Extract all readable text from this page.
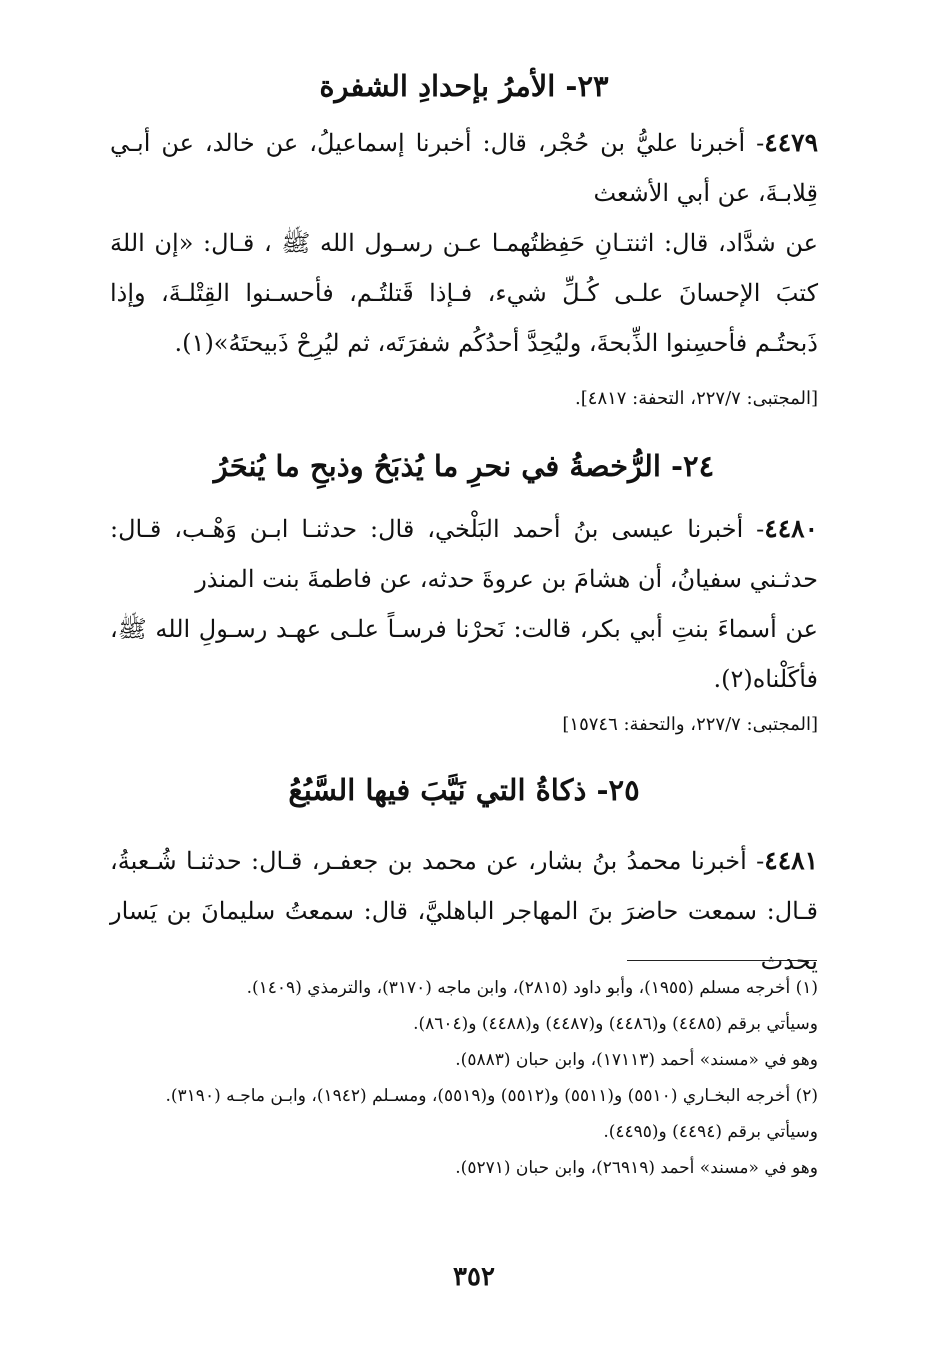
٢٣- الأمرُ بإحدادِ الشفرة

٤٤٧٩- أخبرنا عليُّ بن حُجْر، قال: أخبرنا إسماعيلُ، عن خالد، عن أبـي قِلابـةَ، عن أبي الأشعث

عن شدَّاد، قال: اثنتـانِ حَفِظتُهمـا عـن رسـول الله ﷺ ، قـال: «إن اللهَ كتبَ الإحسانَ علـى كُـلِّ شيء، فـإذا قَتلتُـم، فأحسـنوا القِتْلـةَ، وإذا ذَبحتُـم فأحسِنوا الذِّبحةَ، وليُحِدَّ أحدُكُم شفرَتَه، ثم ليُرِحْ ذَبيحتَهُ»(١).

[المجتبى: ٢٢٧/٧، التحفة: ٤٨١٧].

٢٤- الرُّخصةُ في نحرِ ما يُذبَحُ وذبحِ ما يُنحَرُ

٤٤٨٠- أخبرنا عيسى بنُ أحمد البَلْخي، قال: حدثنـا ابـن وَهْـب، قـال: حدثـني سفيانُ، أن هشامَ بن عروةَ حدثه، عن فاطمةَ بنت المنذر

عن أسماءَ بنتِ أبي بكر، قالت: نَحرْنا فرسـاً علـى عهـد رسـولِ الله ﷺ، فأكَلْناه(٢).

[المجتبى: ٢٢٧/٧، والتحفة: ١٥٧٤٦]

٢٥- ذكاةُ التي نَيَّبَ فيها السَّبُعُ

٤٤٨١- أخبرنا محمدُ بنُ بشار، عن محمد بن جعفـر، قـال: حدثنـا شُـعبةُ، قـال: سمعت حاضرَ بنَ المهاجر الباهليَّ، قال: سمعتُ سليمانَ بن يَسار يحدث

(١) أخرجه مسلم (١٩٥٥)، وأبو داود (٢٨١٥)، وابن ماجه (٣١٧٠)، والترمذي (١٤٠٩).

وسيأتي برقم (٤٤٨٥) و(٤٤٨٦) و(٤٤٨٧) و(٤٤٨٨) و(٨٦٠٤).

وهو في «مسند» أحمد (١٧١١٣)، وابن حبان (٥٨٨٣).

(٢) أخرجه البخـاري (٥٥١٠) و(٥٥١١) و(٥٥١٢) و(٥٥١٩)، ومسـلم (١٩٤٢)، وابـن ماجـه (٣١٩٠).

وسيأتي برقم (٤٤٩٤) و(٤٤٩٥).

وهو في «مسند» أحمد (٢٦٩١٩)، وابن حبان (٥٢٧١).

٣٥٢
